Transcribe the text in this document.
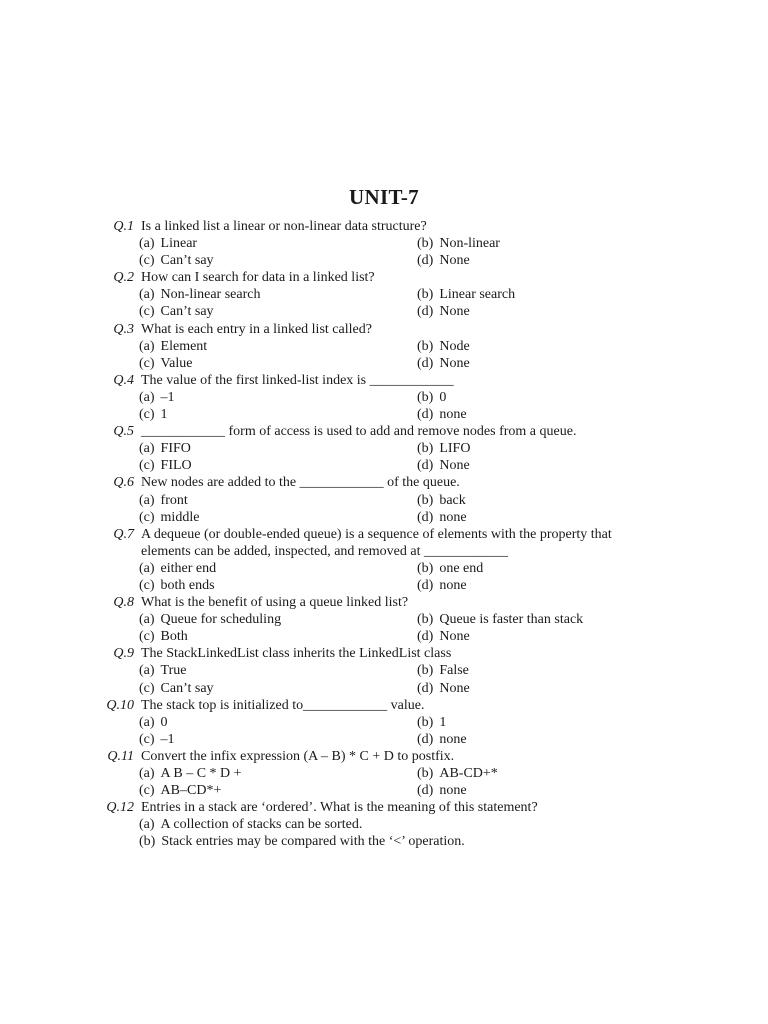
UNIT-7
Q.1 Is a linked list a linear or non-linear data structure?
(a) Linear	(b) Non-linear
(c) Can’t say	(d) None
Q.2 How can I search for data in a linked list?
(a) Non-linear search	(b) Linear search
(c) Can’t say	(d) None
Q.3 What is each entry in a linked list called?
(a) Element	(b) Node
(c) Value	(d) None
Q.4 The value of the first linked-list index is ____________
(a) –1	(b) 0
(c) 1	(d) none
Q.5 ____________ form of access is used to add and remove nodes from a queue.
(a) FIFO	(b) LIFO
(c) FILO	(d) None
Q.6 New nodes are added to the ____________ of the queue.
(a) front	(b) back
(c) middle	(d) none
Q.7 A dequeue (or double-ended queue) is a sequence of elements with the property that
elements can be added, inspected, and removed at ____________
(a) either end	(b) one end
(c) both ends	(d) none
Q.8 What is the benefit of using a queue linked list?
(a) Queue for scheduling	(b) Queue is faster than stack
(c) Both	(d) None
Q.9 The StackLinkedList class inherits the LinkedList class
(a) True	(b) False
(c) Can’t say	(d) None
Q.10 The stack top is initialized to____________ value.
(a) 0	(b) 1
(c) –1	(d) none
Q.11 Convert the infix expression (A – B) * C + D to postfix.
(a) A B – C * D +	(b) AB-CD+*
(c) AB–CD*+	(d) none
Q.12 Entries in a stack are ‘ordered’. What is the meaning of this statement?
(a) A collection of stacks can be sorted.
(b) Stack entries may be compared with the ‘<’ operation.
